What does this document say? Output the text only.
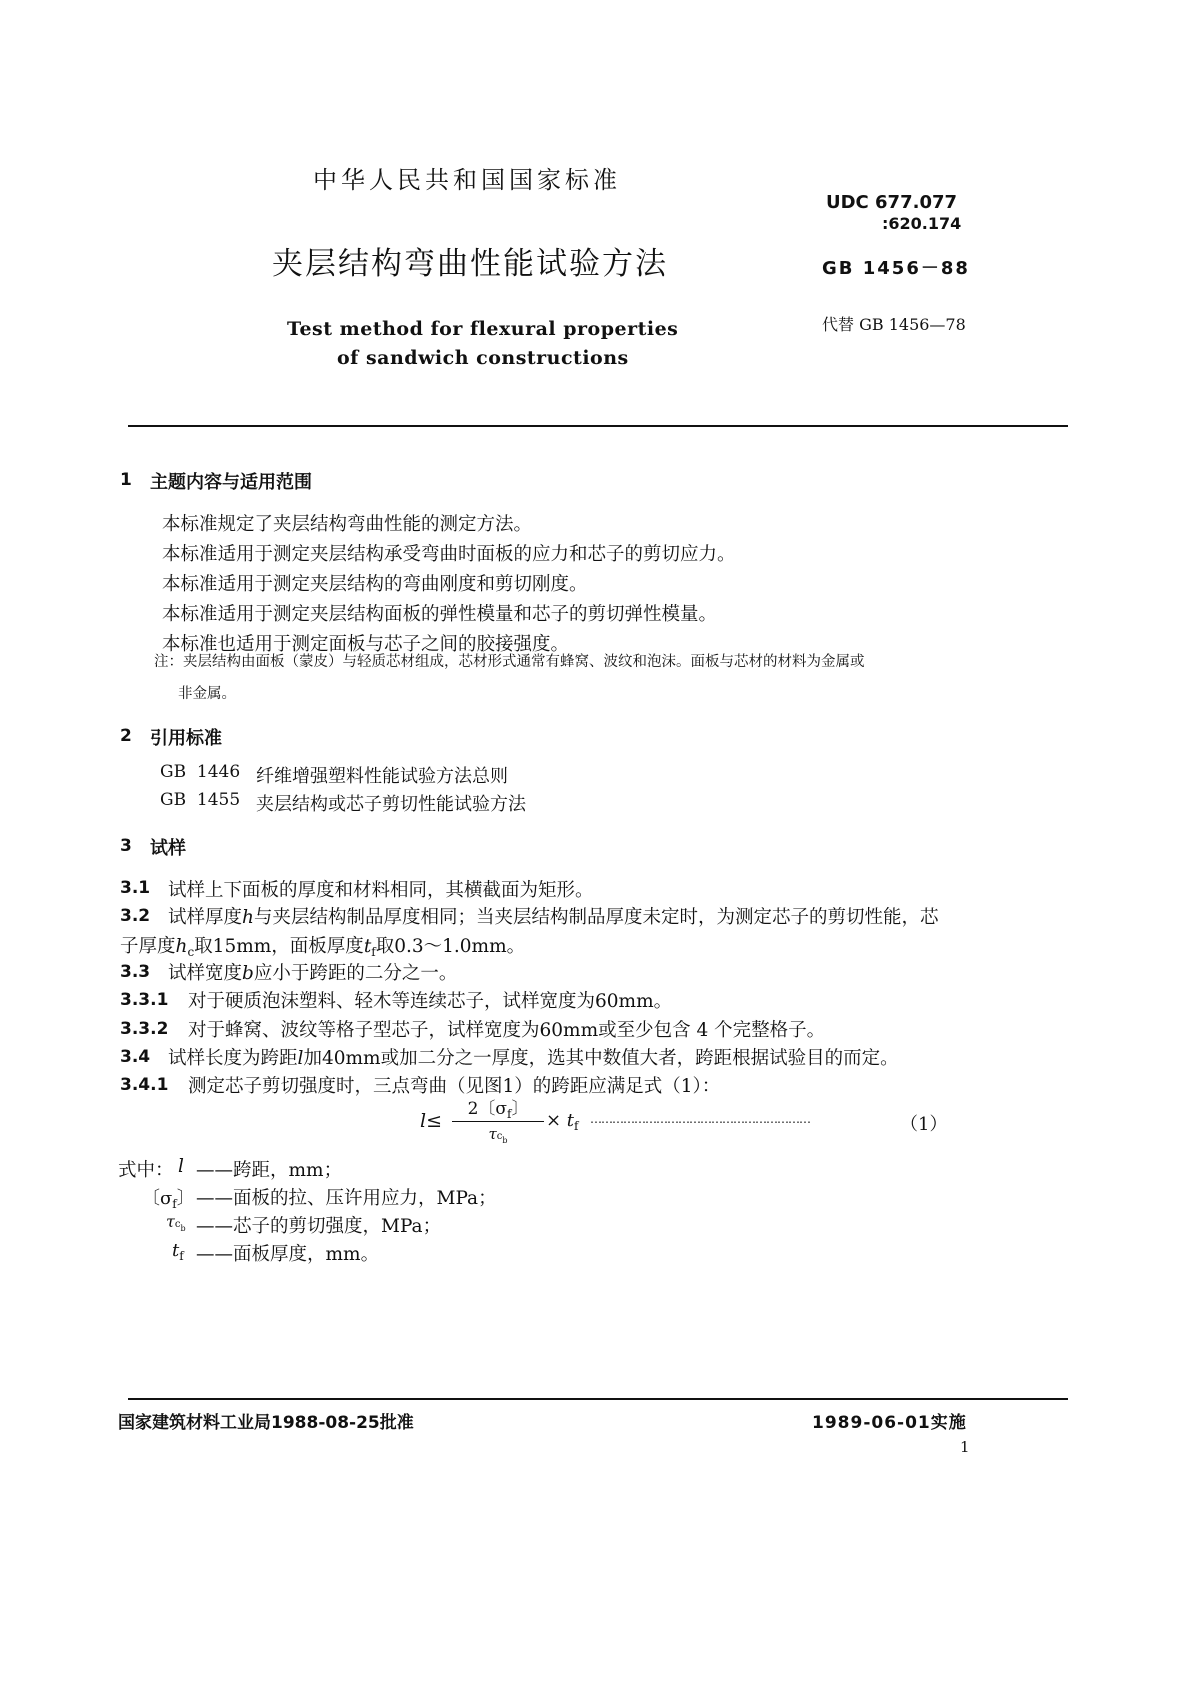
中华人民共和国国家标准
UDC 677.077
:620.174
夹层结构弯曲性能试验方法	GB 1456－88
代替 GB 1456—78
Test method for flexural properties
of sandwich constructions
1 主题内容与适用范围
本标准规定了夹层结构弯曲性能的测定方法。
本标准适用于测定夹层结构承受弯曲时面板的应力和芯子的剪切应力。
本标准适用于测定夹层结构的弯曲刚度和剪切刚度。
本标准适用于测定夹层结构面板的弹性模量和芯子的剪切弹性模量。
本标准也适用于测定面板与芯子之间的胶接强度。
注：夹层结构由面板（蒙皮）与轻质芯材组成，芯材形式通常有蜂窝、波纹和泡沫。面板与芯材的材料为金属或
非金属。
2 引用标准
GB  1446 纤维增强塑料性能试验方法总则
GB  1455 夹层结构或芯子剪切性能试验方法
3 试样
3.1 试样上下面板的厚度和材料相同，其横截面为矩形。
3.2 试样厚度h与夹层结构制品厚度相同；当夹层结构制品厚度未定时，为测定芯子的剪切性能，芯
子厚度$h_c$取15mm，面板厚度$t_f$取0.3～1.0mm。
3.3 试样宽度b应小于跨距的二分之一。
3.3.1 对于硬质泡沫塑料、轻木等连续芯子，试样宽度为60mm。
3.3.2 对于蜂窝、波纹等格子型芯子，试样宽度为60mm或至少包含 4 个完整格子。
3.4 试样长度为跨距l加40mm或加二分之一厚度，选其中数值大者，跨距根据试验目的而定。
3.4.1 测定芯子剪切强度时，三点弯曲（见图1）的跨距应满足式（1）：
l≤
2〔$\sigma_f$〕
$\tau c_b$
× $t_f$ ……………………………………………………	（1）
式中： l ——跨距，mm；
〔$\sigma_f$〕 ——面板的拉、压许用应力，MPa；
$\tau c_b$ ——芯子的剪切强度，MPa；
$t_f$ ——面板厚度，mm。
国家建筑材料工业局1988-08-25批准	1989-06-01实施
1
